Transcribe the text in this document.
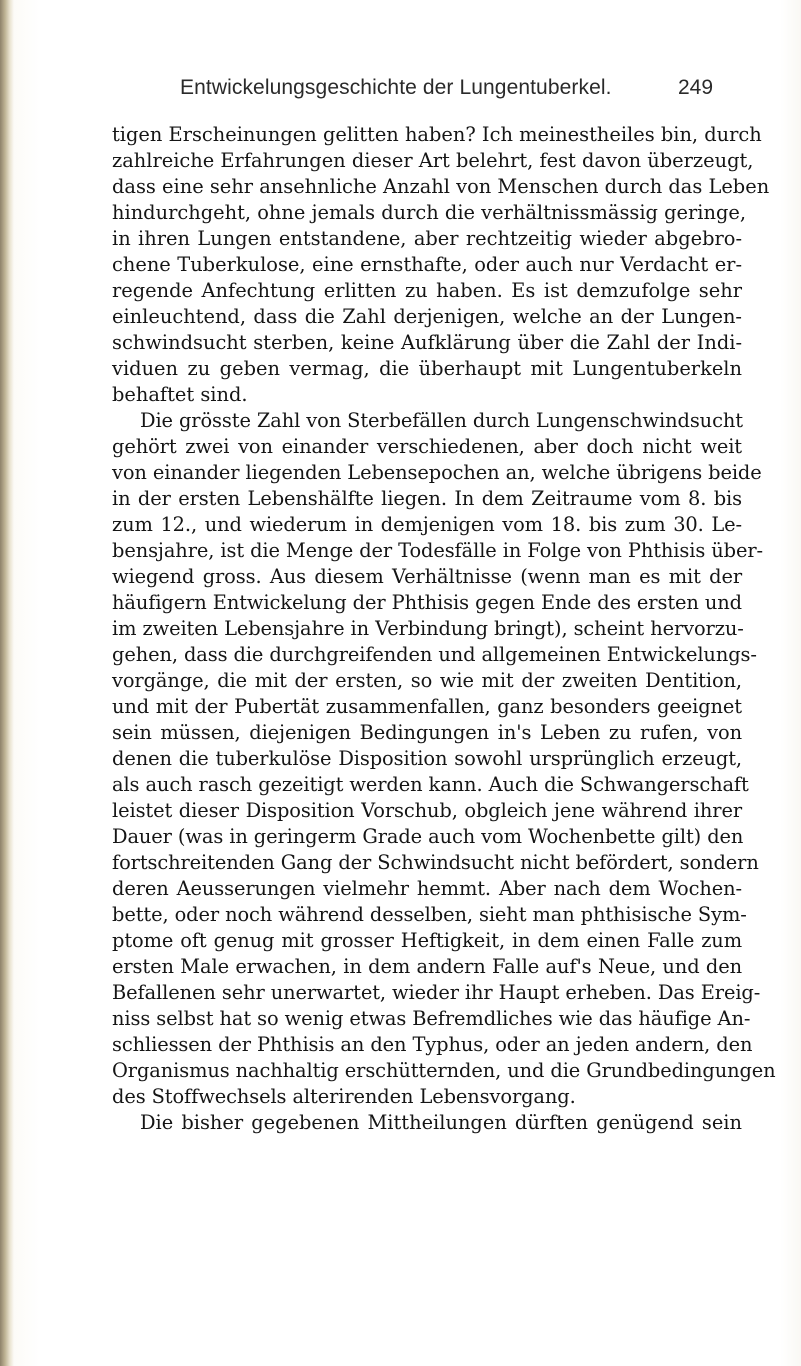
Entwickelungsgeschichte der Lungentuberkel.	249
tigen Erscheinungen gelitten haben? Ich meinestheiles bin, durch
zahlreiche Erfahrungen dieser Art belehrt, fest davon überzeugt,
dass eine sehr ansehnliche Anzahl von Menschen durch das Leben
hindurchgeht, ohne jemals durch die verhältnissmässig geringe,
in ihren Lungen entstandene, aber rechtzeitig wieder abgebro-
chene Tuberkulose, eine ernsthafte, oder auch nur Verdacht er-
regende Anfechtung erlitten zu haben. Es ist demzufolge sehr
einleuchtend, dass die Zahl derjenigen, welche an der Lungen-
schwindsucht sterben, keine Aufklärung über die Zahl der Indi-
viduen zu geben vermag, die überhaupt mit Lungentuberkeln
behaftet sind.
Die grösste Zahl von Sterbefällen durch Lungenschwindsucht
gehört zwei von einander verschiedenen, aber doch nicht weit
von einander liegenden Lebensepochen an, welche übrigens beide
in der ersten Lebenshälfte liegen. In dem Zeitraume vom 8. bis
zum 12., und wiederum in demjenigen vom 18. bis zum 30. Le-
bensjahre, ist die Menge der Todesfälle in Folge von Phthisis über-
wiegend gross. Aus diesem Verhältnisse (wenn man es mit der
häufigern Entwickelung der Phthisis gegen Ende des ersten und
im zweiten Lebensjahre in Verbindung bringt), scheint hervorzu-
gehen, dass die durchgreifenden und allgemeinen Entwickelungs-
vorgänge, die mit der ersten, so wie mit der zweiten Dentition,
und mit der Pubertät zusammenfallen, ganz besonders geeignet
sein müssen, diejenigen Bedingungen in's Leben zu rufen, von
denen die tuberkulöse Disposition sowohl ursprünglich erzeugt,
als auch rasch gezeitigt werden kann. Auch die Schwangerschaft
leistet dieser Disposition Vorschub, obgleich jene während ihrer
Dauer (was in geringerm Grade auch vom Wochenbette gilt) den
fortschreitenden Gang der Schwindsucht nicht befördert, sondern
deren Aeusserungen vielmehr hemmt. Aber nach dem Wochen-
bette, oder noch während desselben, sieht man phthisische Sym-
ptome oft genug mit grosser Heftigkeit, in dem einen Falle zum
ersten Male erwachen, in dem andern Falle auf's Neue, und den
Befallenen sehr unerwartet, wieder ihr Haupt erheben. Das Ereig-
niss selbst hat so wenig etwas Befremdliches wie das häufige An-
schliessen der Phthisis an den Typhus, oder an jeden andern, den
Organismus nachhaltig erschütternden, und die Grundbedingungen
des Stoffwechsels alterirenden Lebensvorgang.
Die bisher gegebenen Mittheilungen dürften genügend sein
